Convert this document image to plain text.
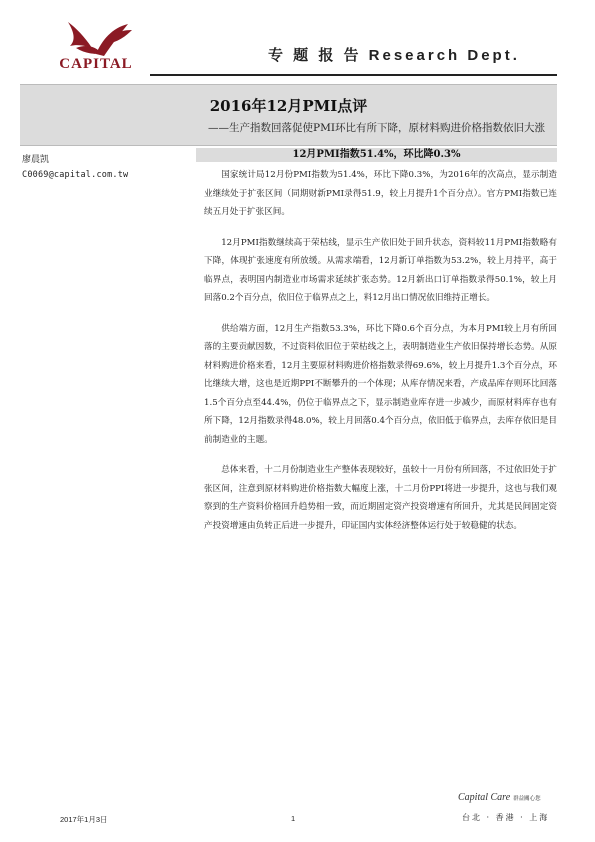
CAPITAL	专 题 报 告 Research Dept.
2016年12月PMI点评
——生产指数回落促使PMI环比有所下降，原材料购进价格指数依旧大涨
廖晨凯
C0069@capital.com.tw
12月PMI指数51.4%，环比降0.3%

国家统计局12月份PMI指数为51.4%，环比下降0.3%，为2016年的次高点，显示制造业继续处于扩张区间（同期财新PMI录得51.9，较上月提升1个百分点）。官方PMI指数已连续五月处于扩张区间。

12月PMI指数继续高于荣枯线，显示生产依旧处于回升状态，资料较11月PMI指数略有下降，体现扩张速度有所放缓。从需求端看，12月新订单指数为53.2%，较上月持平，高于临界点，表明国内制造业市场需求延续扩张态势。12月新出口订单指数录得50.1%，较上月回落0.2个百分点，依旧位于临界点之上，料12月出口情况依旧维持正增长。

供给端方面，12月生产指数53.3%，环比下降0.6个百分点，为本月PMI较上月有所回落的主要贡献因数，不过资料依旧位于荣枯线之上，表明制造业生产依旧保持增长态势。从原材料购进价格来看，12月主要原材料购进价格指数录得69.6%，较上月提升1.3个百分点，环比继续大增，这也是近期PPI不断攀升的一个体现；从库存情况来看，产成品库存则环比回落1.5个百分点至44.4%，仍位于临界点之下，显示制造业库存进一步减少，而原材料库存也有所下降，12月指数录得48.0%，较上月回落0.4个百分点，依旧低于临界点，去库存依旧是目前制造业的主题。

总体来看，十二月份制造业生产整体表现较好，虽较十一月份有所回落，不过依旧处于扩张区间，注意到原材料购进价格指数大幅度上涨，十二月份PPI将进一步提升，这也与我们观察到的生产资料价格回升趋势相一致，而近期固定资产投资增速有所回升，尤其是民间固定资产投资增速由负转正后进一步提升，印证国内实体经济整体运行处于较稳健的状态。

2017年1月3日	1
Capital Care 群益關心您
台北 · 香港 · 上海
